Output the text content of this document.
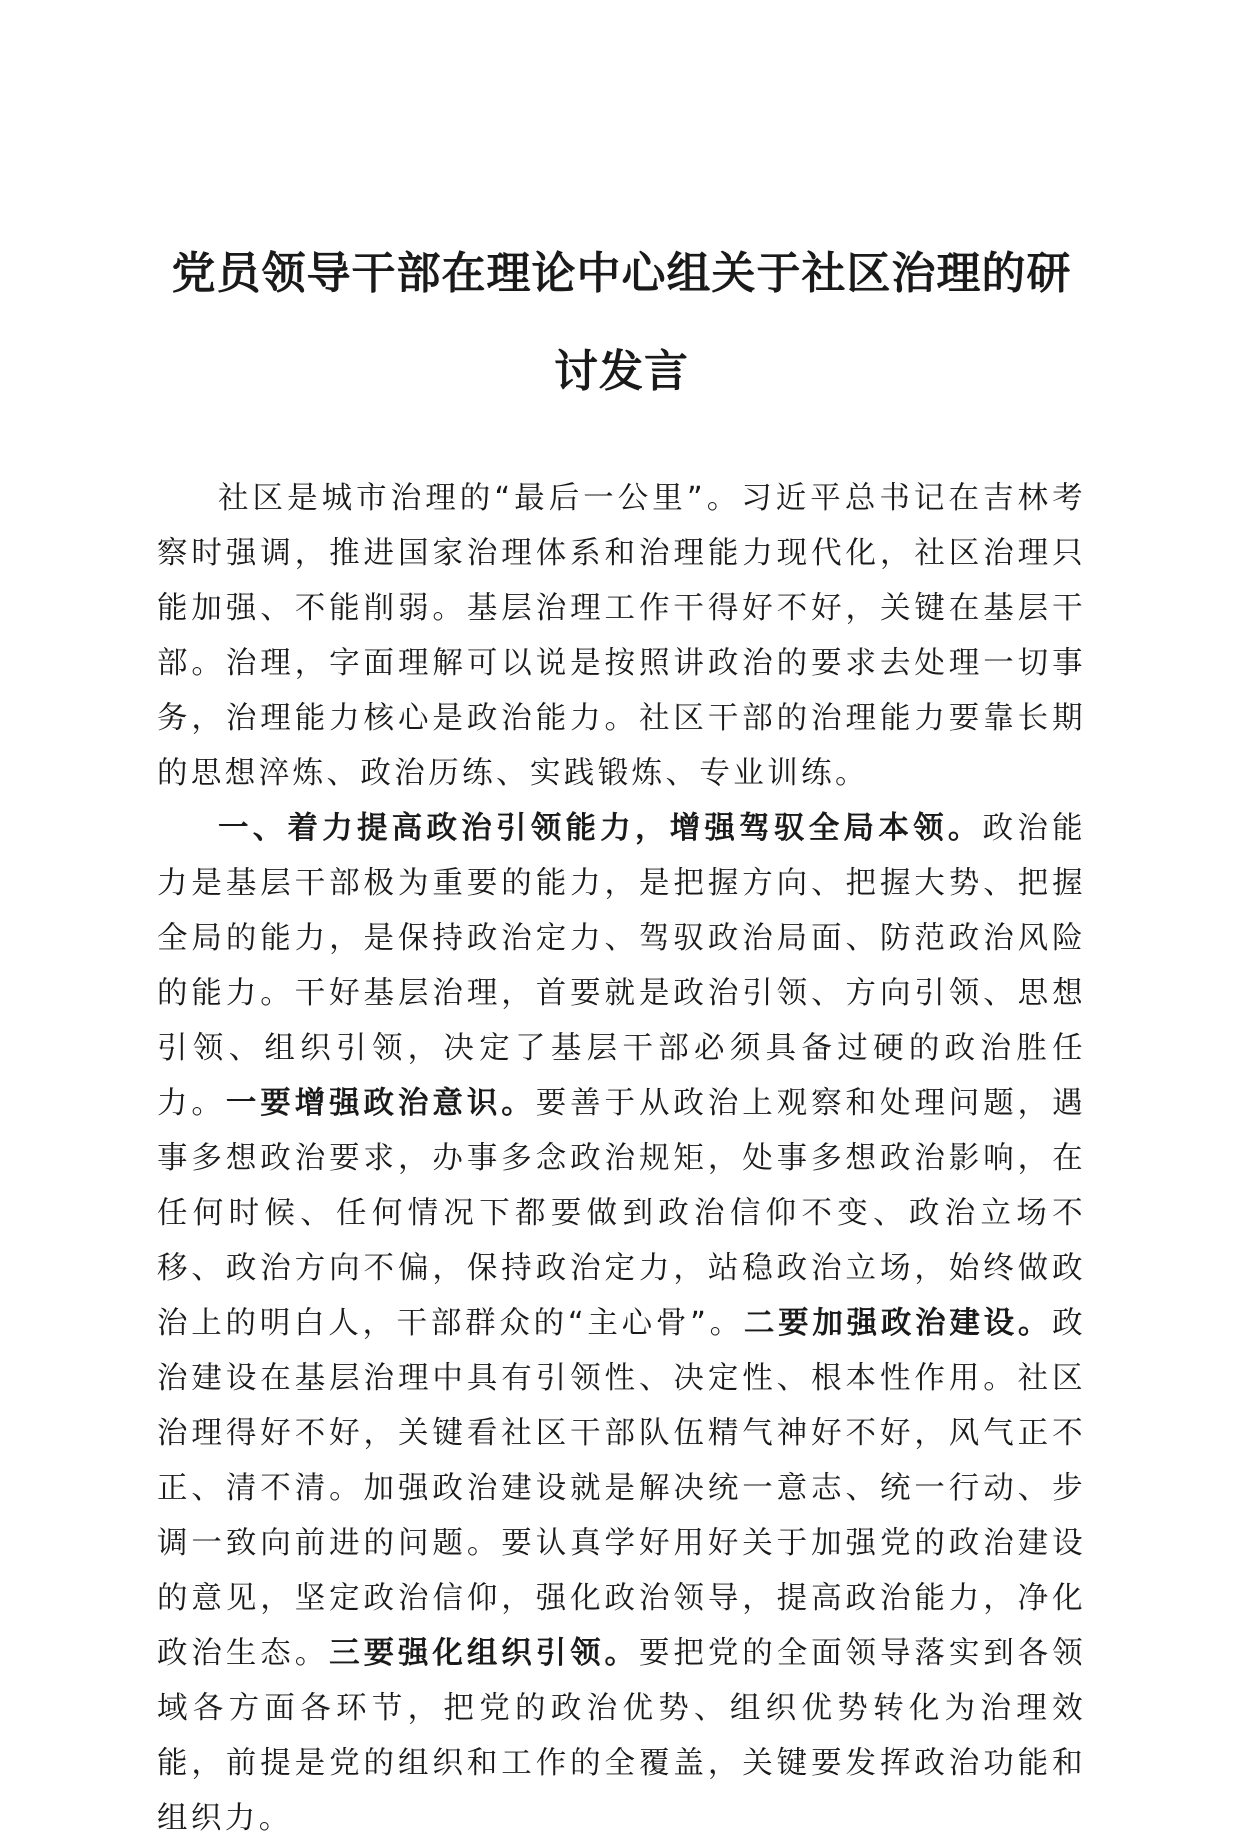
党员领导干部在理论中心组关于社区治理的研
讨发言

社区是城市治理的“最后一公里”。习近平总书记在吉林考察时强调，推进国家治理体系和治理能力现代化，社区治理只能加强、不能削弱。基层治理工作干得好不好，关键在基层干部。治理，字面理解可以说是按照讲政治的要求去处理一切事务，治理能力核心是政治能力。社区干部的治理能力要靠长期的思想淬炼、政治历练、实践锻炼、专业训练。

一、着力提高政治引领能力，增强驾驭全局本领。政治能力是基层干部极为重要的能力，是把握方向、把握大势、把握全局的能力，是保持政治定力、驾驭政治局面、防范政治风险的能力。干好基层治理，首要就是政治引领、方向引领、思想引领、组织引领，决定了基层干部必须具备过硬的政治胜任力。一要增强政治意识。要善于从政治上观察和处理问题，遇事多想政治要求，办事多念政治规矩，处事多想政治影响，在任何时候、任何情况下都要做到政治信仰不变、政治立场不移、政治方向不偏，保持政治定力，站稳政治立场，始终做政治上的明白人，干部群众的“主心骨”。二要加强政治建设。政治建设在基层治理中具有引领性、决定性、根本性作用。社区治理得好不好，关键看社区干部队伍精气神好不好，风气正不正、清不清。加强政治建设就是解决统一意志、统一行动、步调一致向前进的问题。要认真学好用好关于加强党的政治建设的意见，坚定政治信仰，强化政治领导，提高政治能力，净化政治生态。三要强化组织引领。要把党的全面领导落实到各领域各方面各环节，把党的政治优势、组织优势转化为治理效能，前提是党的组织和工作的全覆盖，关键要发挥政治功能和组织力。
